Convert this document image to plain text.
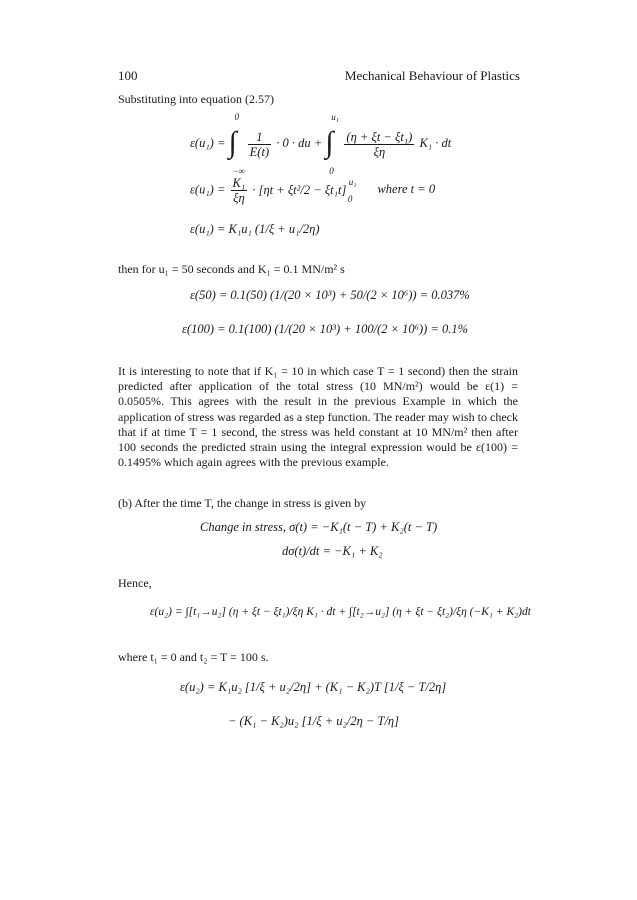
100	Mechanical Behaviour of Plastics

Substituting into equation (2.57)

ε(u₁) = ∫
0
−∞

$\frac{1}{E(t)} \cdot 0$ · du + ∫
u₁
0

$\frac{\text{(η + ξt − ξt₁)}}{\xi\eta} K_1$ · dt
$\varepsilon(u_1) = \frac{\text{K₁}}{\xi\eta} \cdot [\eta t + \xi t^2/2 - \xi t_1t]$
u₁
0
where t = 0
ε(u₁) = K₁u₁ (1/ξ + u₁/2η)

then for u₁ = 50 seconds and K₁ = 0.1 MN/m² s

ε(50) = 0.1(50) (1/(20 × 10³) + 50/(2 × 10⁶)) = 0.037%
ε(100) = 0.1(100) (1/(20 × 10³) + 100/(2 × 10⁶)) = 0.1%

It is interesting to note that if K₁ = 10 in which case T = 1 second) then the strain predicted after application of the total stress (10 MN/m²) would be ε(1) = 0.0505%. This agrees with the result in the previous Example in which the application of stress was regarded as a step function. The reader may wish to check that if at time T = 1 second, the stress was held constant at 10 MN/m² then after 100 seconds the predicted strain using the integral expression would be ε(100) = 0.1495% which again agrees with the previous example.

(b) After the time T, the change in stress is given by

Change in stress, σ(t) = −K₁(t − T) + K₂(t − T)
dσ(t)/dt = −K₁ + K₂

Hence,

ε(u₂) = ∫[t₁→u₂] (η + ξt − ξt₁)/ξη K₁ · dt + ∫[t₂→u₂] (η + ξt − ξt₂)/ξη (−K₁ + K₂)dt

where t₁ = 0 and t₂ = T = 100 s.

ε(u₂) = K₁u₂ [1/ξ + u₂/2η] + (K₁ − K₂)T [1/ξ − T/2η]
− (K₁ − K₂)u₂ [1/ξ + u₂/2η − T/η]
